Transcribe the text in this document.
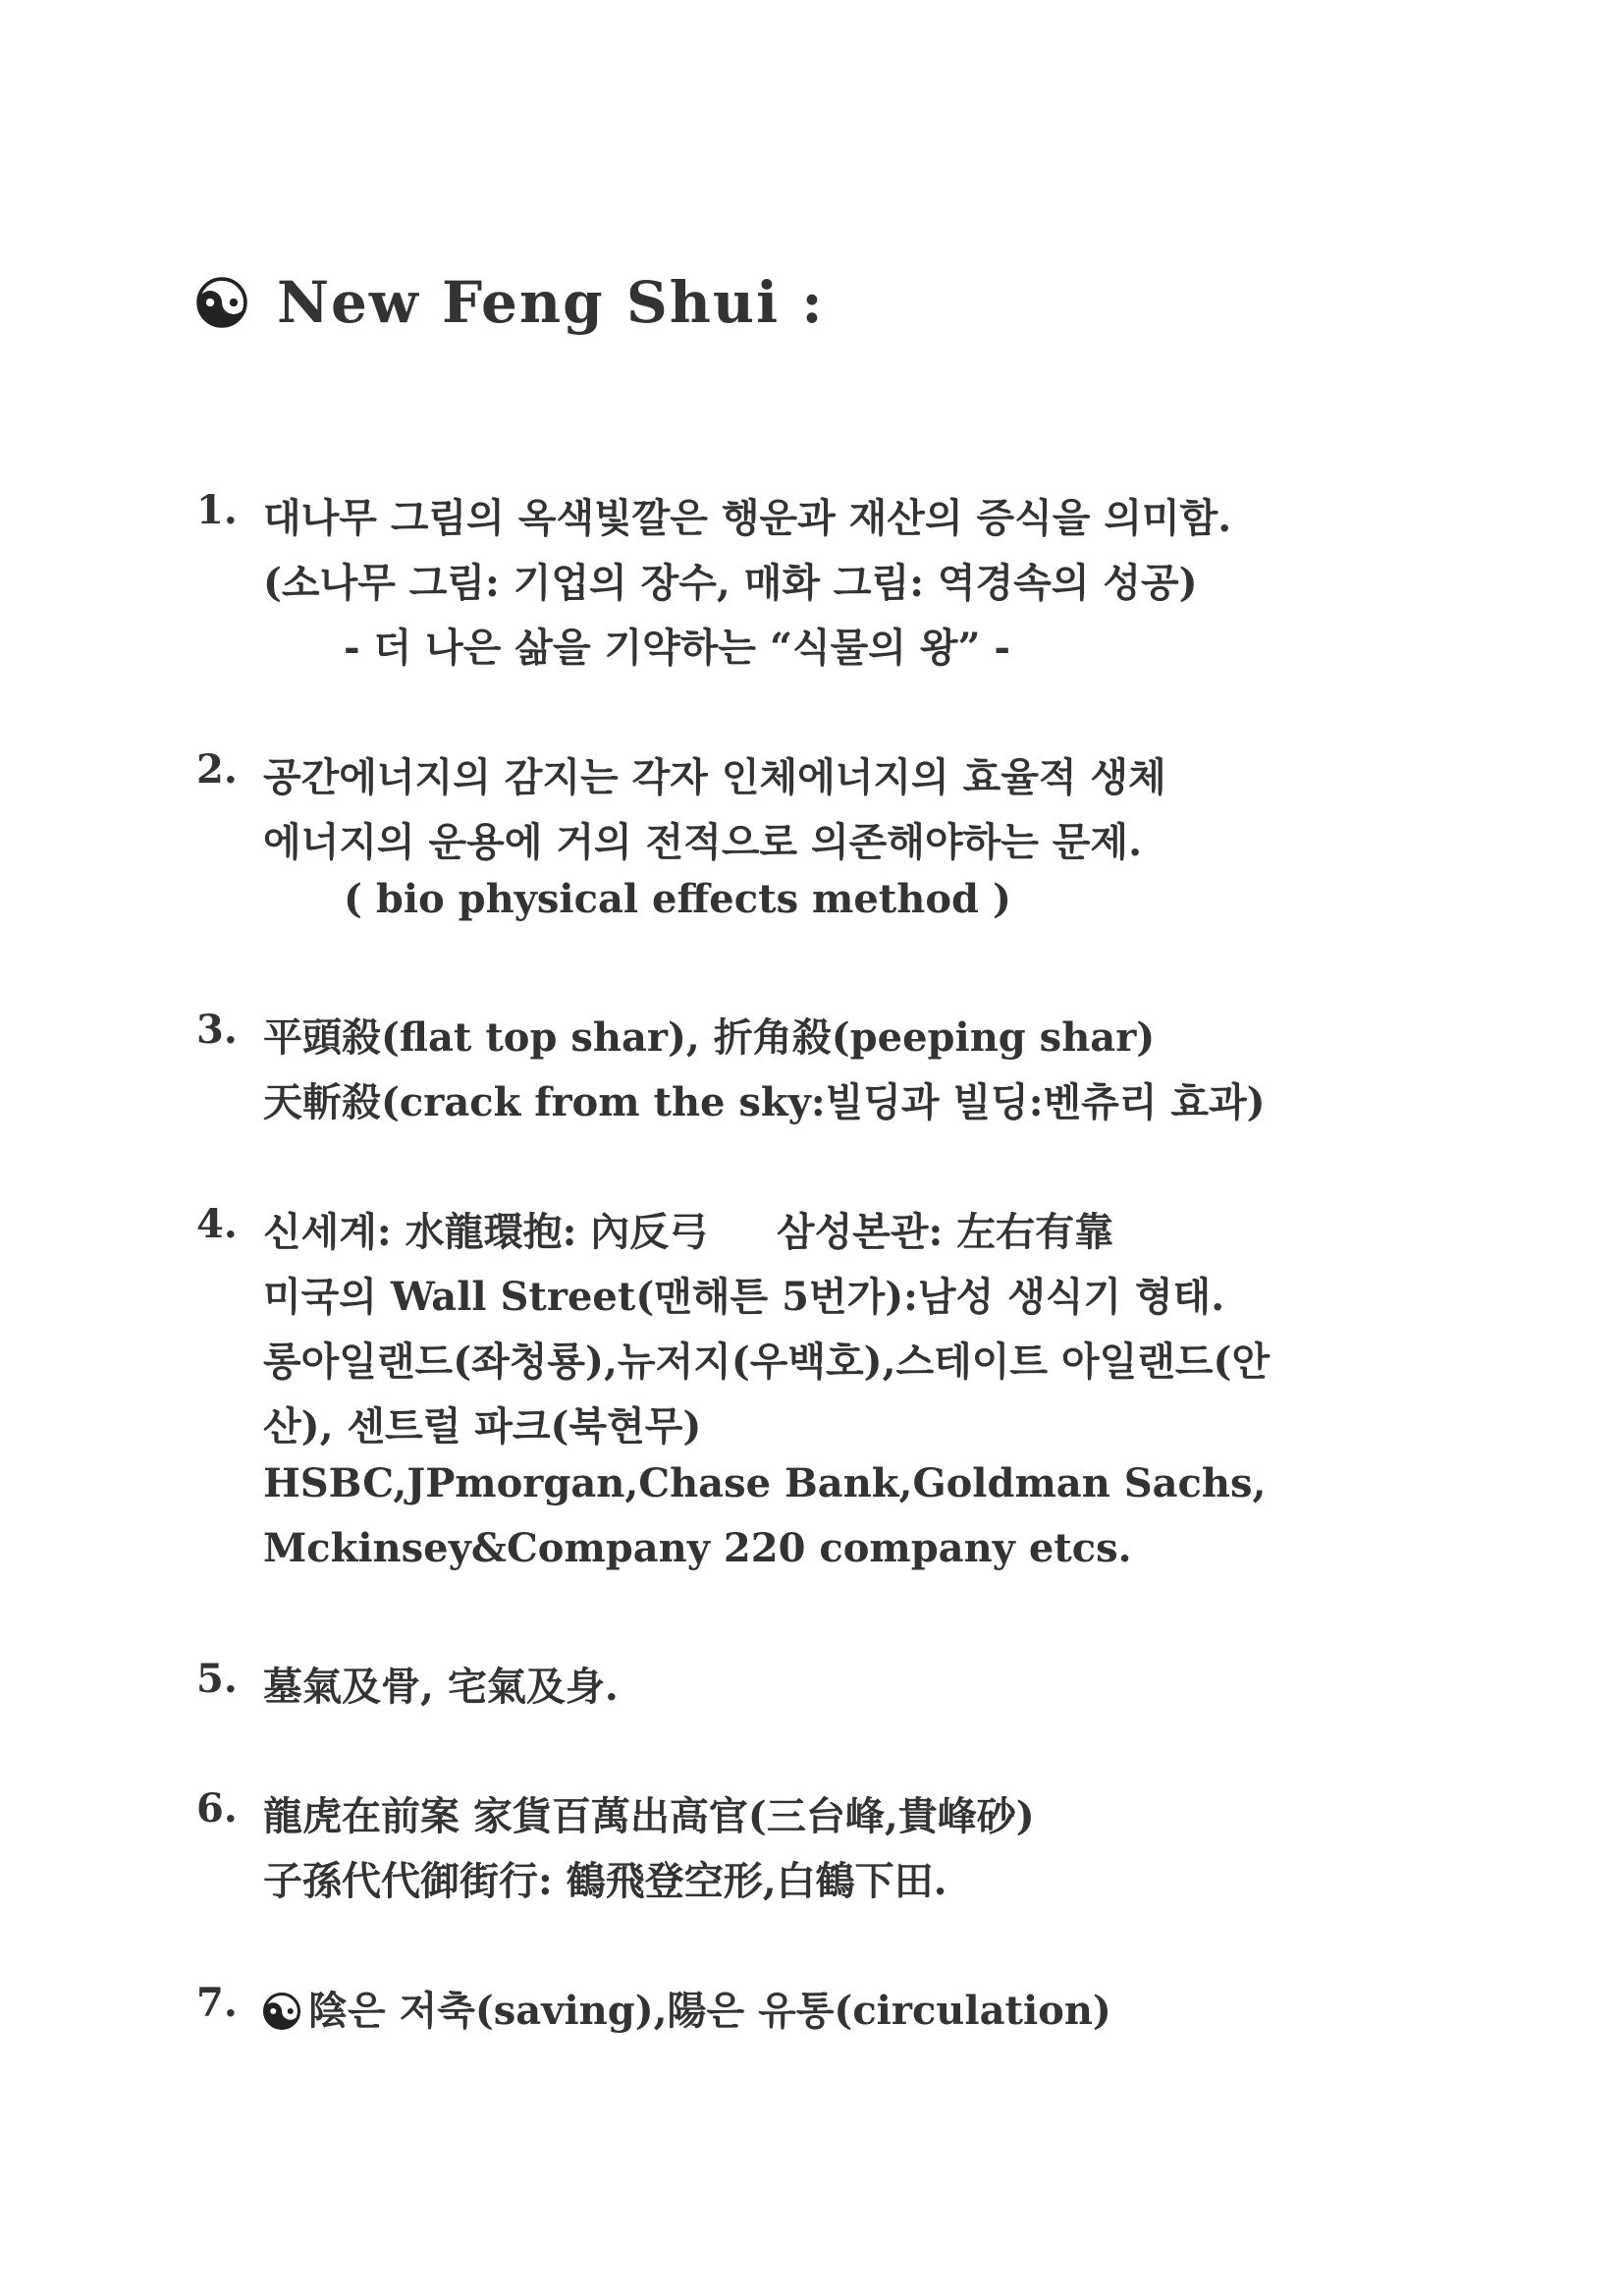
New Feng Shui :
1. 대나무 그림의 옥색빛깔은 행운과 재산의 증식을 의미함.
(소나무 그림: 기업의 장수, 매화 그림: 역경속의 성공)
- 더 나은 삶을 기약하는 “식물의 왕” -
2. 공간에너지의 감지는 각자 인체에너지의 효율적 생체
에너지의 운용에 거의 전적으로 의존해야하는 문제.
( bio physical effects method )
3. 平頭殺(flat top shar), 折角殺(peeping shar)
天斬殺(crack from the sky:빌딩과 빌딩:벤츄리 효과)
4. 신세계: 水龍環抱: 內反弓     삼성본관: 左右有靠
미국의 Wall Street(맨해튼 5번가):남성 생식기 형태.
롱아일랜드(좌청룡),뉴저지(우백호),스테이트 아일랜드(안
산), 센트럴 파크(북현무)
HSBC,JPmorgan,Chase Bank,Goldman Sachs,
Mckinsey&Company 220 company etcs.
5. 墓氣及骨, 宅氣及身.
6. 龍虎在前案 家貨百萬出高官(三台峰,貴峰砂)
子孫代代御街行: 鶴飛登空形,白鶴下田.
7.	陰은 저축(saving),陽은 유통(circulation)
